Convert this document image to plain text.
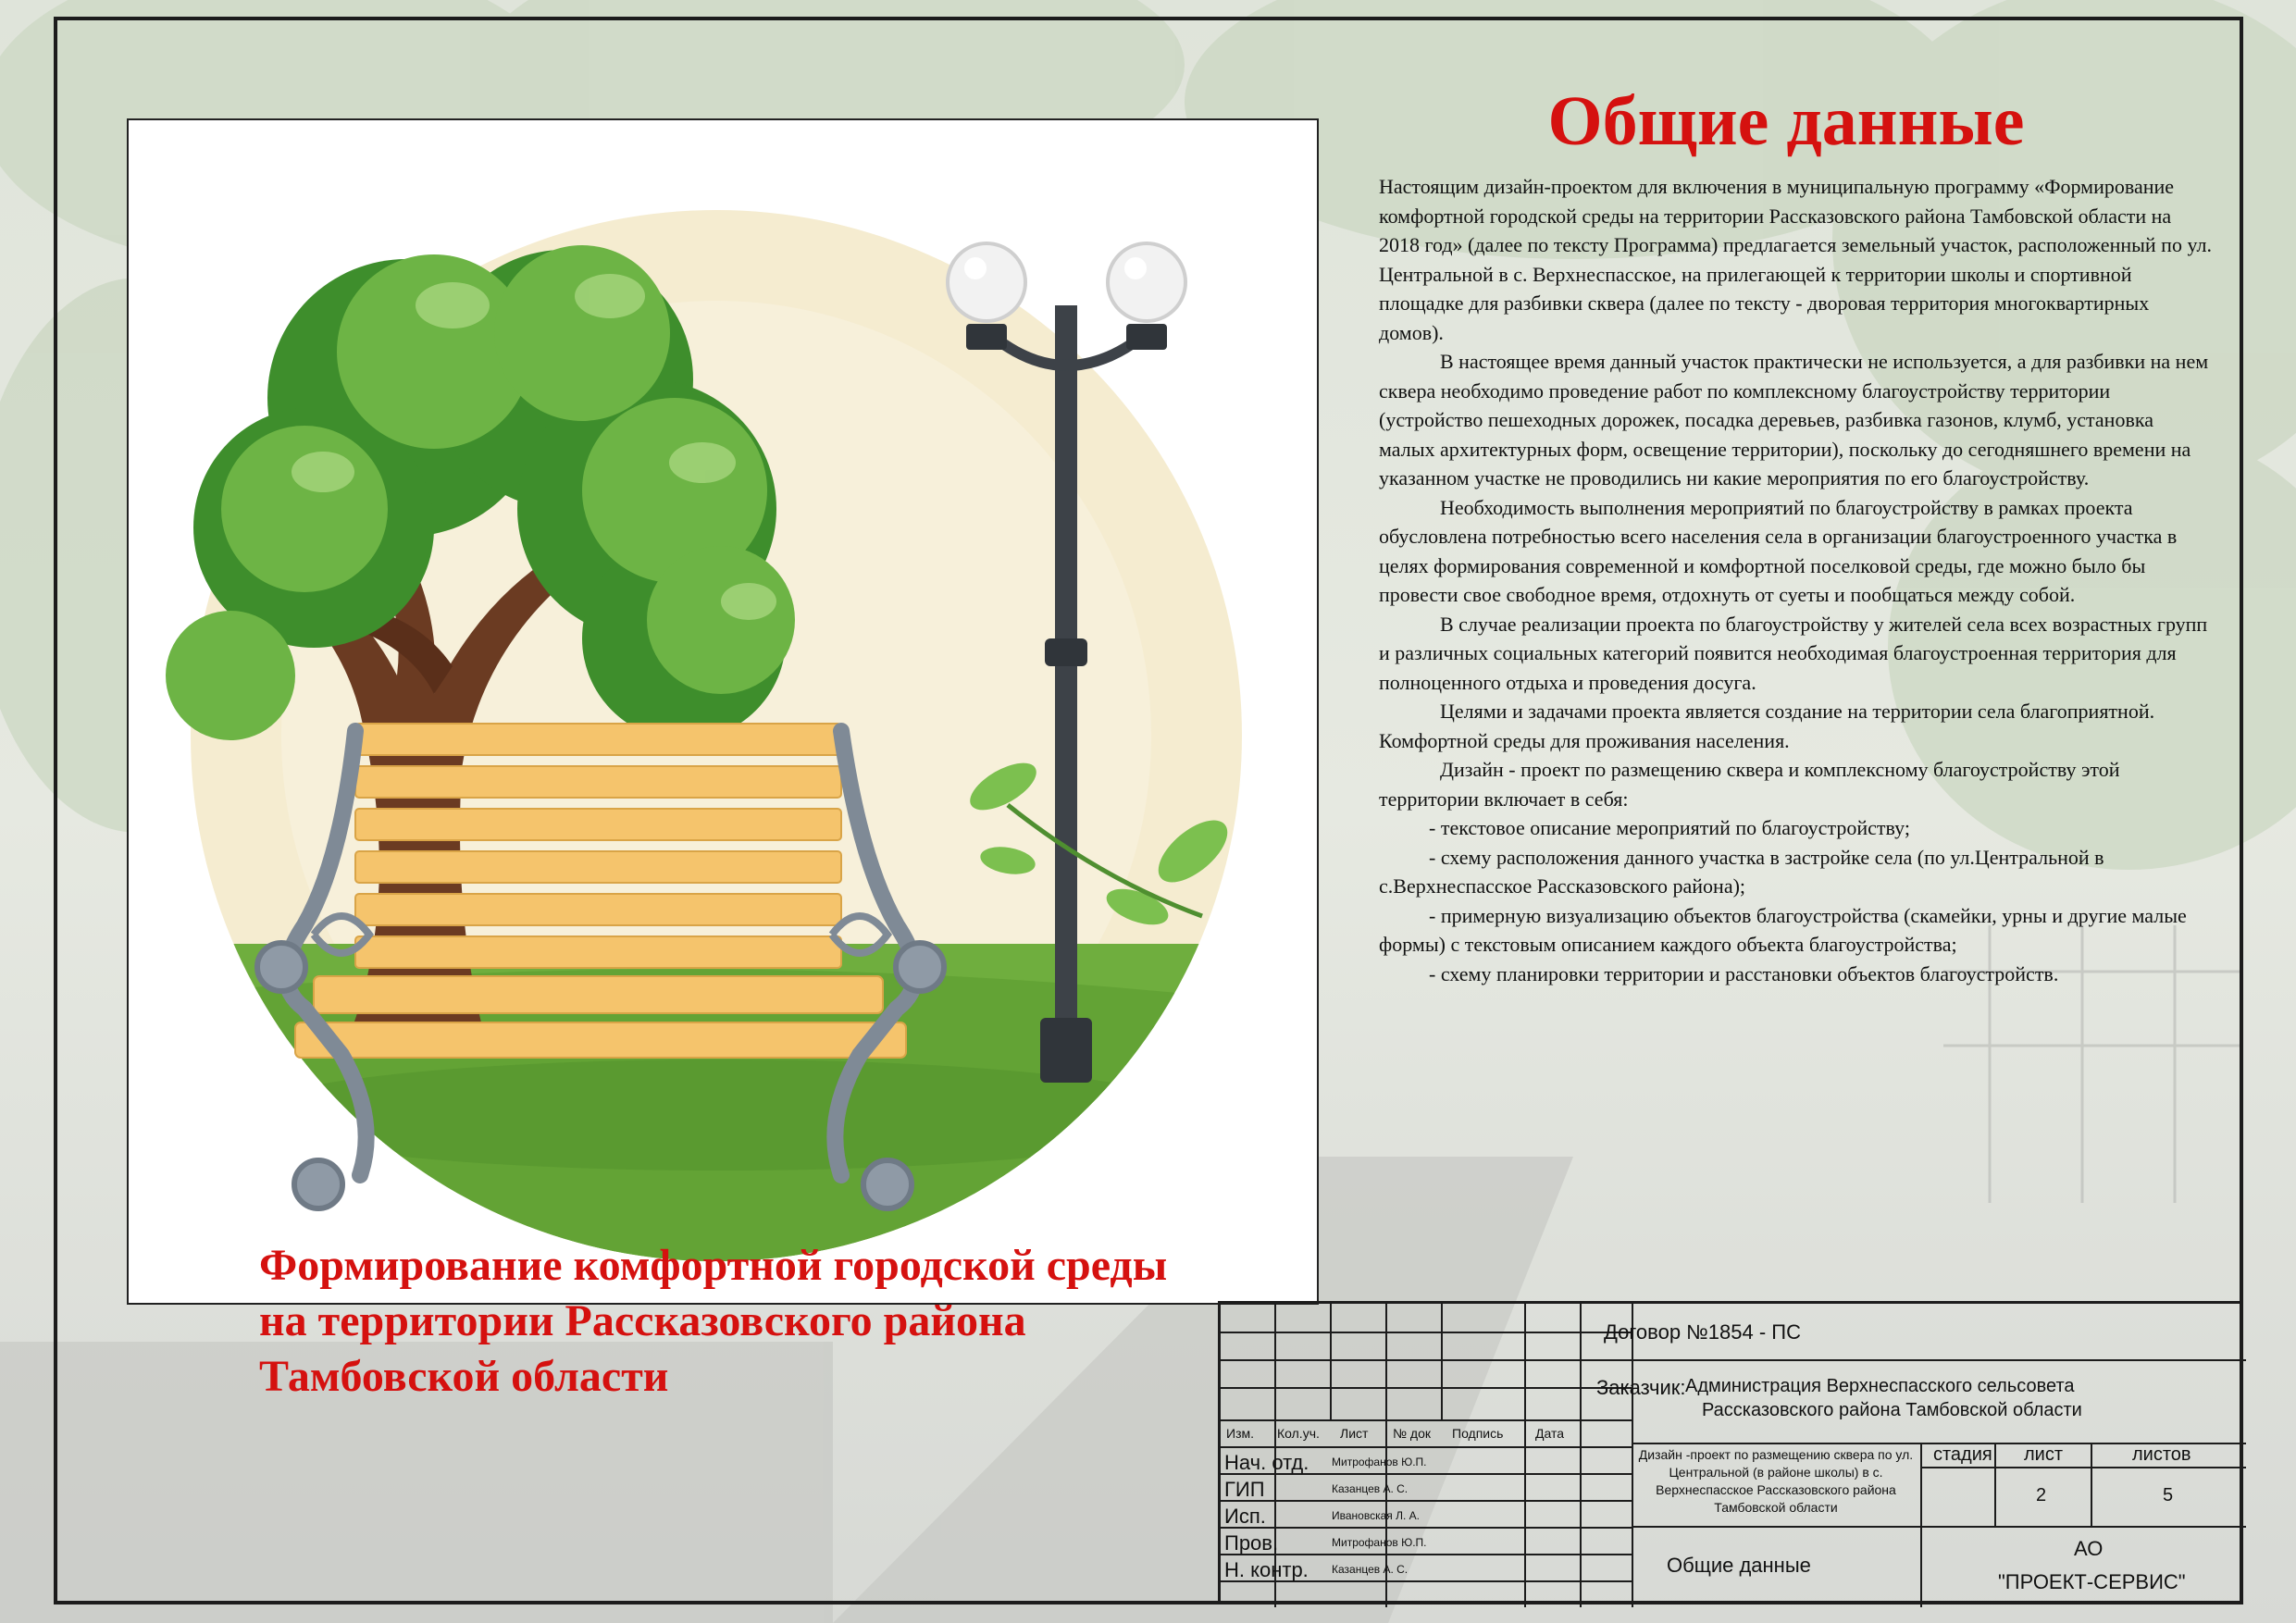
Общие данные

Настоящим дизайн-проектом для включения в муниципальную программу «Формирование комфортной городской среды на территории Рассказовского района Тамбовской области на 2018 год» (далее по тексту Программа) предлагается земельный участок, расположенный по ул. Центральной в с. Верхнеспасское, на прилегающей к территории школы и спортивной площадке для разбивки сквера (далее по тексту - дворовая территория многоквартирных домов).

В настоящее время данный участок практически не используется, а для разбивки на нем сквера необходимо проведение работ по комплексному благоустройству территории (устройство пешеходных дорожек, посадка деревьев, разбивка газонов, клумб, установка малых архитектурных форм, освещение территории), поскольку до сегодняшнего времени на указанном участке не проводились ни какие мероприятия по его благоустройству.

Необходимость выполнения мероприятий по благоустройству в рамках проекта обусловлена потребностью всего населения села в организации благоустроенного участка в целях формирования современной и комфортной поселковой среды, где можно было бы провести свое свободное время, отдохнуть от суеты и пообщаться между собой.

В случае реализации проекта по благоустройству у жителей села всех возрастных групп и различных социальных категорий появится необходимая благоустроенная территория для полноценного отдыха и проведения досуга.

Целями и задачами проекта является создание на территории села благоприятной. Комфортной среды для проживания населения.

Дизайн - проект по размещению сквера и комплексному благоустройству этой территории включает в себя:

- текстовое описание мероприятий по благоустройству;

- схему расположения данного участка в застройке села (по ул.Центральной в с.Верхнеспасское Рассказовского района);

- примерную визуализацию объектов благоустройства (скамейки, урны и другие малые формы) с текстовым описанием каждого объекта благоустройства;

- схему планировки территории и расстановки объектов благоустройств.

Формирование комфортной городской среды на территории Рассказовского района Тамбовской области
Изм. Кол.уч. Лист № док Подпись Дата
Нач. отд.
ГИП
Исп.
Пров.
Н. контр.
Митрофанов Ю.П.
Казанцев А. С.
Ивановская Л. А.
Митрофанов Ю.П.
Казанцев А. С.
Договор №1854 - ПС
Заказчик: Администрация Верхнеспасского сельсовета
Рассказовского района Тамбовской области
Дизайн -проект по размещению сквера по ул. Центральной (в районе школы) в с. Верхнеспасское Рассказовского района Тамбовской области
стадия лист	листов
2	5
Общие данные
АО
"ПРОЕКТ-СЕРВИС"
